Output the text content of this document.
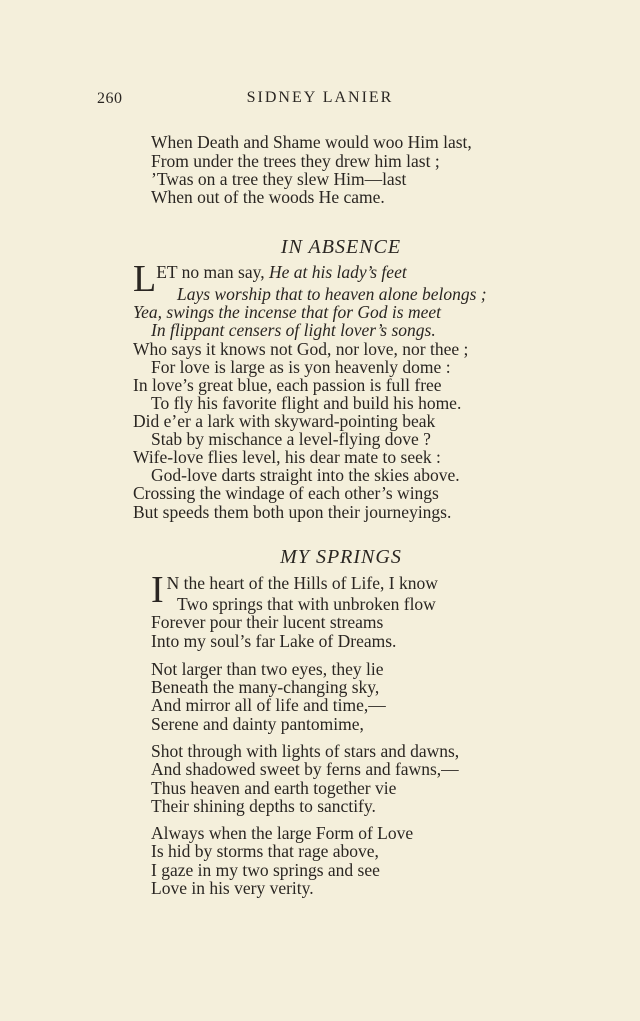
260	SIDNEY LANIER
When Death and Shame would woo Him last,
From under the trees they drew him last ;
’Twas on a tree they slew Him—last
When out of the woods He came.
IN ABSENCE
LET no man say, He at his lady’s feet
Lays worship that to heaven alone belongs ;
Yea, swings the incense that for God is meet
In flippant censers of light lover’s songs.
Who says it knows not God, nor love, nor thee ;
For love is large as is yon heavenly dome :
In love’s great blue, each passion is full free
To fly his favorite flight and build his home.
Did e’er a lark with skyward-pointing beak
Stab by mischance a level-flying dove ?
Wife-love flies level, his dear mate to seek :
God-love darts straight into the skies above.
Crossing the windage of each other’s wings
But speeds them both upon their journeyings.
MY SPRINGS
I N the heart of the Hills of Life, I know
Two springs that with unbroken flow
Forever pour their lucent streams
Into my soul’s far Lake of Dreams.
Not larger than two eyes, they lie
Beneath the many-changing sky,
And mirror all of life and time,—
Serene and dainty pantomime,
Shot through with lights of stars and dawns,
And shadowed sweet by ferns and fawns,—
Thus heaven and earth together vie
Their shining depths to sanctify.
Always when the large Form of Love
Is hid by storms that rage above,
I gaze in my two springs and see
Love in his very verity.
